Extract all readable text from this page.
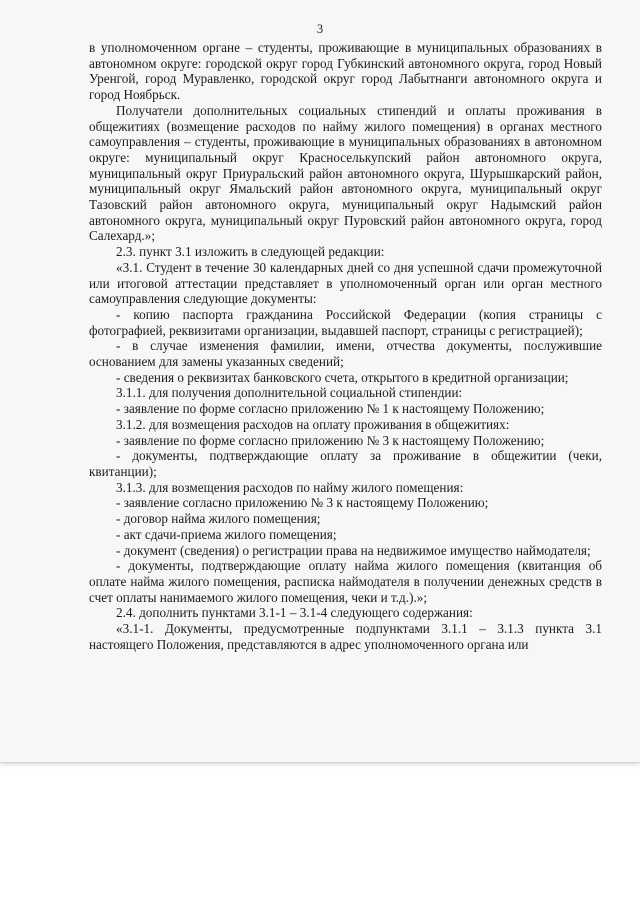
3

в уполномоченном органе – студенты, проживающие в муниципальных образованиях в автономном округе: городской округ город Губкинский автономного округа, город Новый Уренгой, город Муравленко, городской округ город Лабытнанги автономного округа и город Ноябрьск.

Получатели дополнительных социальных стипендий и оплаты проживания в общежитиях (возмещение расходов по найму жилого помещения) в органах местного самоуправления – студенты, проживающие в муниципальных образованиях в автономном округе: муниципальный округ Красноселькупский район автономного округа, муниципальный округ Приуральский район автономного округа, Шурышкарский район, муниципальный округ Ямальский район автономного округа, муниципальный округ Тазовский район автономного округа, муниципальный округ Надымский район автономного округа, муниципальный округ Пуровский район автономного округа, город Салехард.»;

2.3. пункт 3.1 изложить в следующей редакции:

«3.1. Студент в течение 30 календарных дней со дня успешной сдачи промежуточной или итоговой аттестации представляет в уполномоченный орган или орган местного самоуправления следующие документы:

- копию паспорта гражданина Российской Федерации (копия страницы с фотографией, реквизитами организации, выдавшей паспорт, страницы с регистрацией);

- в случае изменения фамилии, имени, отчества документы, послужившие основанием для замены указанных сведений;

- сведения о реквизитах банковского счета, открытого в кредитной организации;

3.1.1. для получения дополнительной социальной стипендии:

- заявление по форме согласно приложению № 1 к настоящему Положению;

3.1.2. для возмещения расходов на оплату проживания в общежитиях:

- заявление по форме согласно приложению № 3 к настоящему Положению;

- документы, подтверждающие оплату за проживание в общежитии (чеки, квитанции);

3.1.3. для возмещения расходов по найму жилого помещения:

- заявление согласно приложению № 3 к настоящему Положению;

- договор найма жилого помещения;

- акт сдачи-приема жилого помещения;

- документ (сведения) о регистрации права на недвижимое имущество наймодателя;

- документы, подтверждающие оплату найма жилого помещения (квитанция об оплате найма жилого помещения, расписка наймодателя в получении денежных средств в счет оплаты нанимаемого жилого помещения, чеки и т.д.).»;

2.4. дополнить пунктами 3.1-1 – 3.1-4 следующего содержания:

«3.1-1. Документы, предусмотренные подпунктами 3.1.1 – 3.1.3 пункта 3.1 настоящего Положения, представляются в адрес уполномоченного органа или
